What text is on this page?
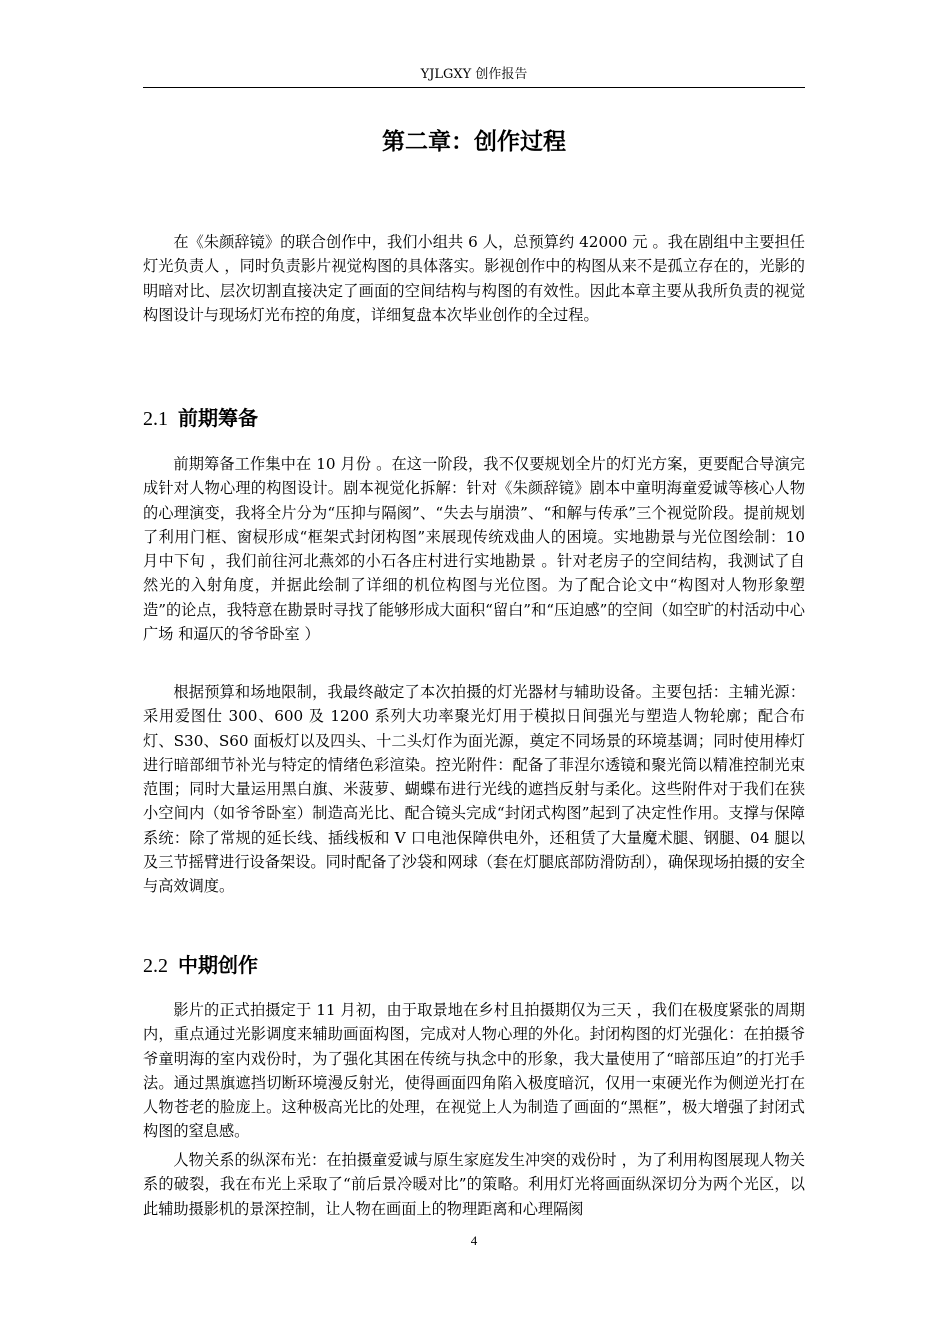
YJLGXY 创作报告
第二章：创作过程

在《朱颜辞镜》的联合创作中，我们小组共 6 人，总预算约 42000 元 。我在剧组中主要担任灯光负责人 ，同时负责影片视觉构图的具体落实。影视创作中的构图从来不是孤立存在的，光影的明暗对比、层次切割直接决定了画面的空间结构与构图的有效性。因此本章主要从我所负责的视觉构图设计与现场灯光布控的角度，详细复盘本次毕业创作的全过程。

2.1 前期筹备

前期筹备工作集中在 10 月份 。在这一阶段，我不仅要规划全片的灯光方案，更要配合导演完成针对人物心理的构图设计。剧本视觉化拆解：针对《朱颜辞镜》剧本中童明海童爱诚等核心人物的心理演变，我将全片分为“压抑与隔阂”、“失去与崩溃”、“和解与传承”三个视觉阶段。提前规划了利用门框、窗棂形成“框架式封闭构图”来展现传统戏曲人的困境。实地勘景与光位图绘制：10 月中下旬 ，我们前往河北燕郊的小石各庄村进行实地勘景 。针对老房子的空间结构，我测试了自然光的入射角度，并据此绘制了详细的机位构图与光位图。为了配合论文中“构图对人物形象塑造”的论点，我特意在勘景时寻找了能够形成大面积“留白”和“压迫感”的空间（如空旷的村活动中心广场 和逼仄的爷爷卧室 ）

根据预算和场地限制，我最终敲定了本次拍摄的灯光器材与辅助设备。主要包括：主辅光源：采用爱图仕 300、600 及 1200 系列大功率聚光灯用于模拟日间强光与塑造人物轮廓；配合布灯、S30、S60 面板灯以及四头、十二头灯作为面光源，奠定不同场景的环境基调；同时使用棒灯进行暗部细节补光与特定的情绪色彩渲染。控光附件：配备了菲涅尔透镜和聚光筒以精准控制光束范围；同时大量运用黑白旗、米菠萝、蝴蝶布进行光线的遮挡反射与柔化。这些附件对于我们在狭小空间内（如爷爷卧室）制造高光比、配合镜头完成“封闭式构图”起到了决定性作用。支撑与保障系统：除了常规的延长线、插线板和 V 口电池保障供电外，还租赁了大量魔术腿、钢腿、04 腿以及三节摇臂进行设备架设。同时配备了沙袋和网球（套在灯腿底部防滑防刮），确保现场拍摄的安全与高效调度。

2.2 中期创作

影片的正式拍摄定于 11 月初，由于取景地在乡村且拍摄期仅为三天 ，我们在极度紧张的周期内，重点通过光影调度来辅助画面构图，完成对人物心理的外化。封闭构图的灯光强化：在拍摄爷爷童明海的室内戏份时，为了强化其困在传统与执念中的形象，我大量使用了“暗部压迫”的打光手法。通过黑旗遮挡切断环境漫反射光，使得画面四角陷入极度暗沉，仅用一束硬光作为侧逆光打在人物苍老的脸庞上。这种极高光比的处理，在视觉上人为制造了画面的“黑框”，极大增强了封闭式构图的窒息感。

人物关系的纵深布光：在拍摄童爱诚与原生家庭发生冲突的戏份时 ，为了利用构图展现人物关系的破裂，我在布光上采取了“前后景冷暖对比”的策略。利用灯光将画面纵深切分为两个光区，以此辅助摄影机的景深控制，让人物在画面上的物理距离和心理隔阂

4
